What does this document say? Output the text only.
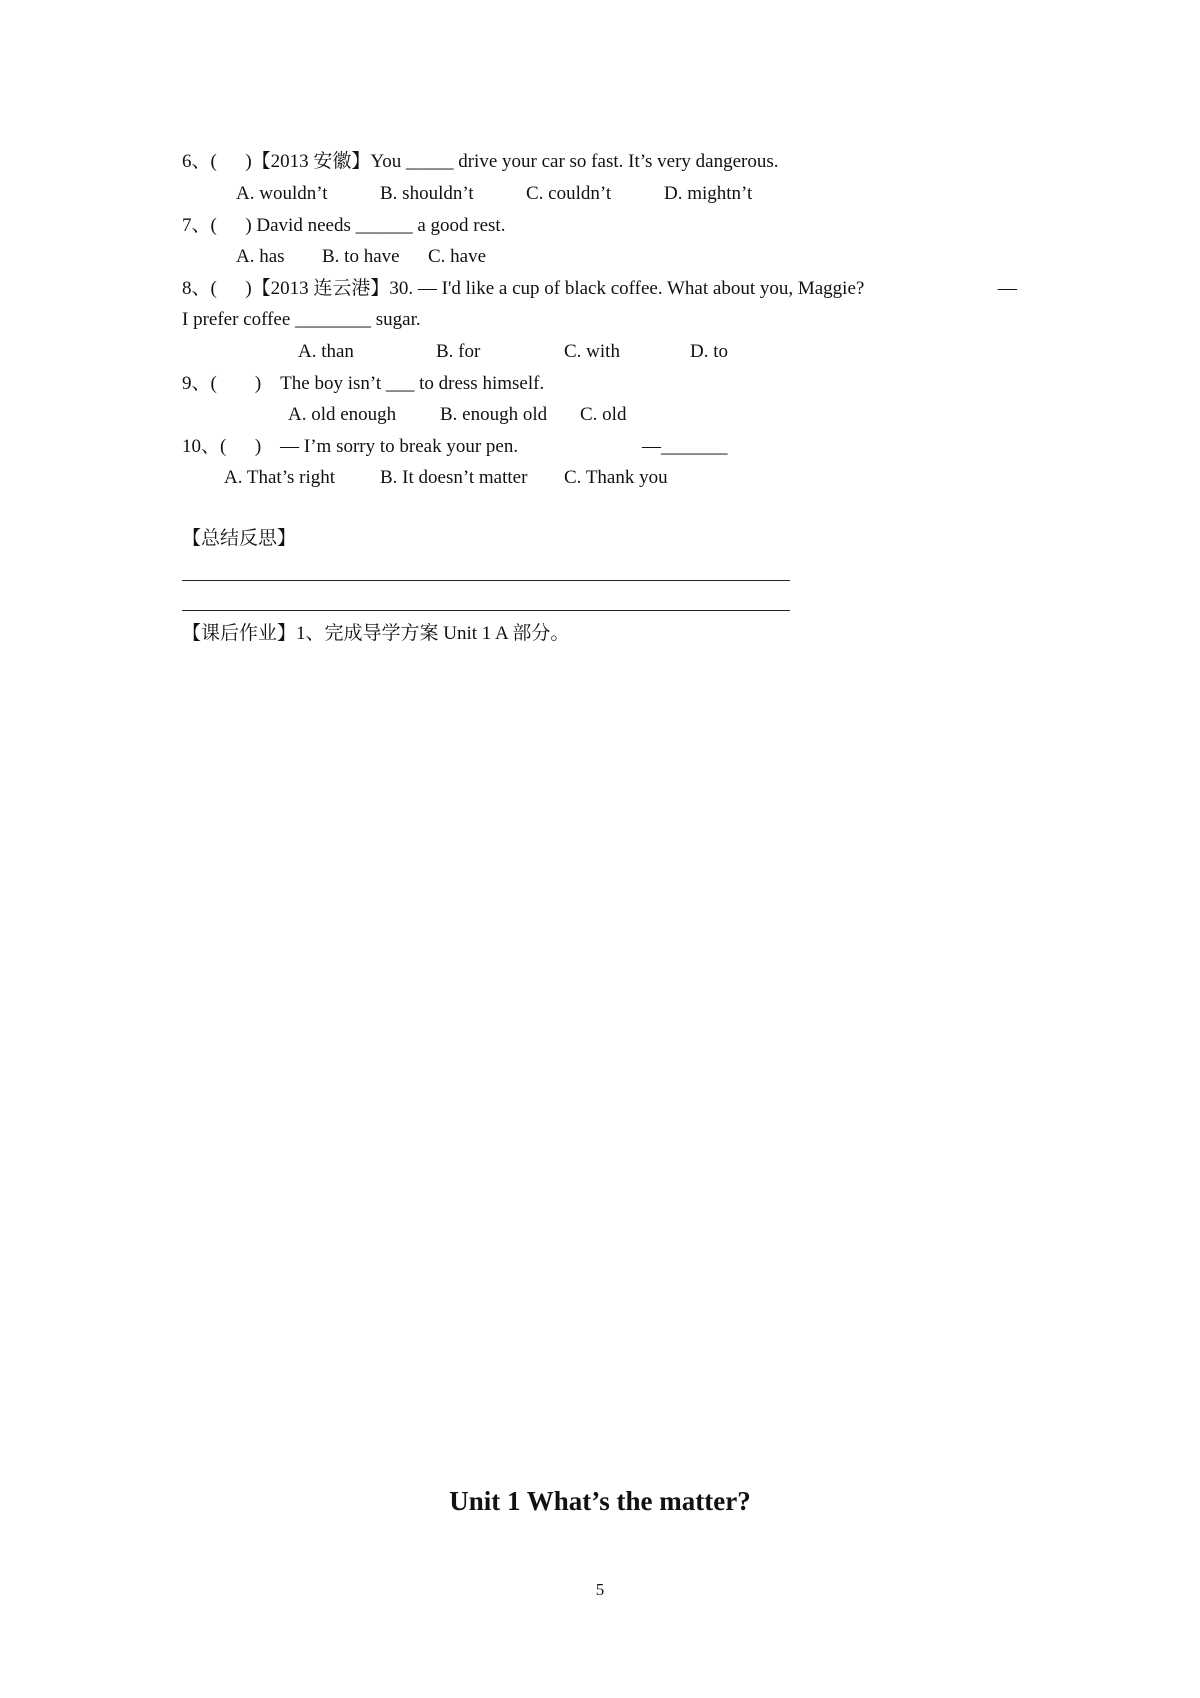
6、(      )【2013 安徽】You _____ drive your car so fast. It’s very dangerous.
A. wouldn’t	B. shouldn’t	C. couldn’t	D. mightn’t
7、(      ) David needs ______ a good rest.
A. has B. to have C. have
8、(      )【2013 连云港】30. — I'd like a cup of black coffee. What about you, Maggie?	—
I prefer coffee ________ sugar.
A. than	B. for	C. with	D. to
9、(        )    The boy isn’t ___ to dress himself.
A. old enough B. enough old C. old
10、(      )    — I’m sorry to break your pen.	—_______
A. That’s right B. It doesn’t matter C. Thank you
【总结反思】
【课后作业】1、完成导学方案 Unit 1 A 部分。
Unit 1 What’s the matter?
5
